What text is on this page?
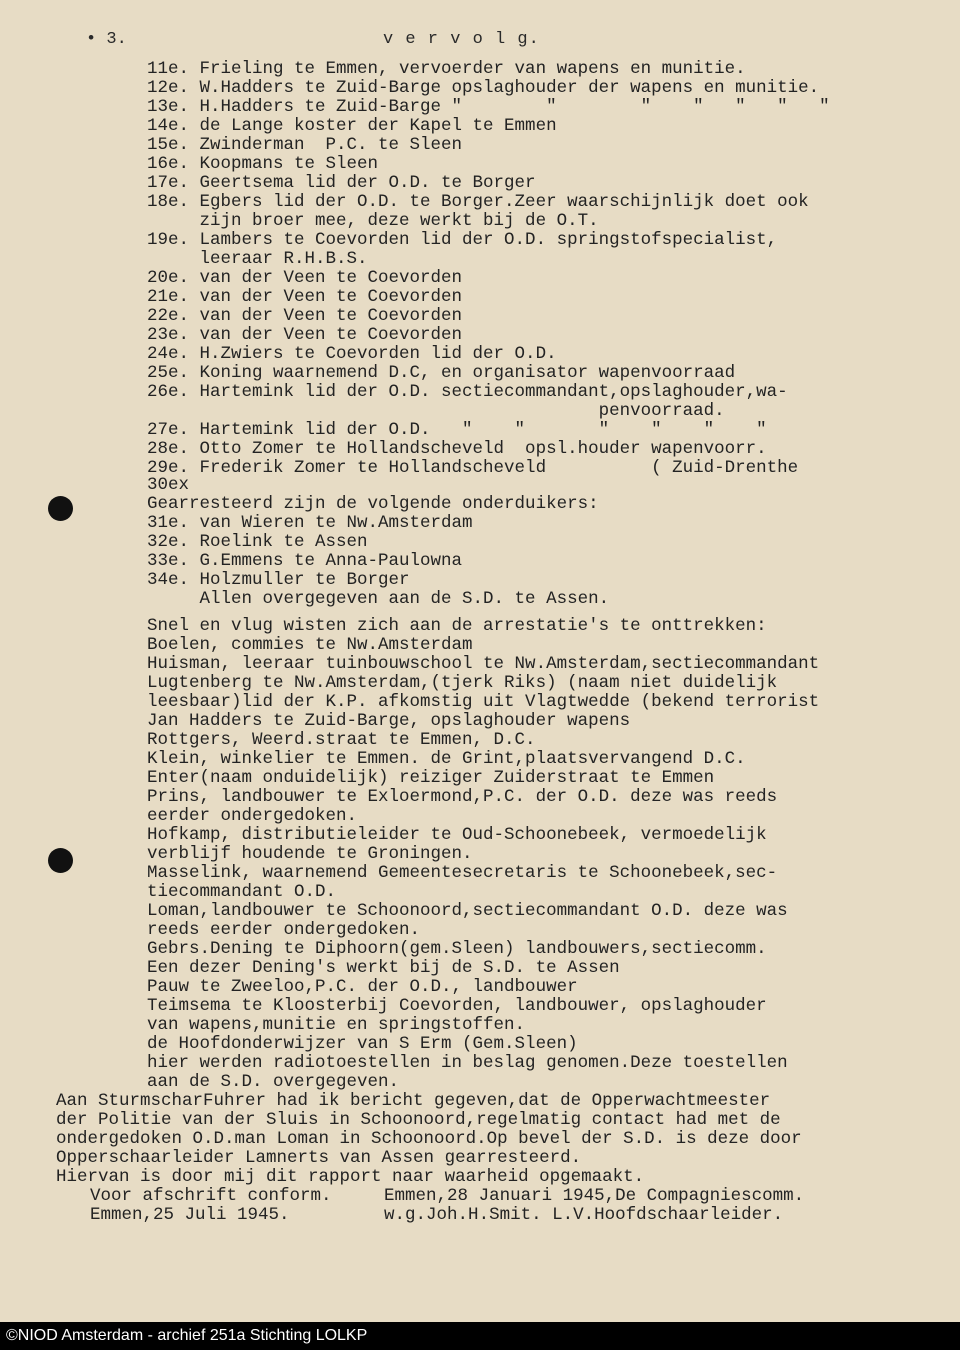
• 3.	v e r v o l g.
11e. Frieling te Emmen, vervoerder van wapens en munitie.
12e. W.Hadders te Zuid-Barge opslaghouder der wapens en munitie.
13e. H.Hadders te Zuid-Barge "        "        "    "   "   "   "
14e. de Lange koster der Kapel te Emmen
15e. Zwinderman  P.C. te Sleen
16e. Koopmans te Sleen
17e. Geertsema lid der O.D. te Borger
18e. Egbers lid der O.D. te Borger.Zeer waarschijnlijk doet ook
zijn broer mee, deze werkt bij de O.T.
19e. Lambers te Coevorden lid der O.D. springstofspecialist,
leeraar R.H.B.S.
20e. van der Veen te Coevorden
21e. van der Veen te Coevorden
22e. van der Veen te Coevorden
23e. van der Veen te Coevorden
24e. H.Zwiers te Coevorden lid der O.D.
25e. Koning waarnemend D.C, en organisator wapenvoorraad
26e. Hartemink lid der O.D. sectiecommandant,opslaghouder,wa-
penvoorraad.
27e. Hartemink lid der O.D.   "    "       "    "    "    "
28e. Otto Zomer te Hollandscheveld  opsl.houder wapenvoorr.
29e. Frederik Zomer te Hollandscheveld          ( Zuid-Drenthe
30ex
Gearresteerd zijn de volgende onderduikers:
31e. van Wieren te Nw.Amsterdam
32e. Roelink te Assen
33e. G.Emmens te Anna-Paulowna
34e. Holzmuller te Borger
Allen overgegeven aan de S.D. te Assen.
Snel en vlug wisten zich aan de arrestatie's te onttrekken:
Boelen, commies te Nw.Amsterdam
Huisman, leeraar tuinbouwschool te Nw.Amsterdam,sectiecommandant
Lugtenberg te Nw.Amsterdam,(tjerk Riks) (naam niet duidelijk
leesbaar)lid der K.P. afkomstig uit Vlagtwedde (bekend terrorist
Jan Hadders te Zuid-Barge, opslaghouder wapens
Rottgers, Weerd.straat te Emmen, D.C.
Klein, winkelier te Emmen. de Grint,plaatsvervangend D.C.
Enter(naam onduidelijk) reiziger Zuiderstraat te Emmen
Prins, landbouwer te Exloermond,P.C. der O.D. deze was reeds
eerder ondergedoken.
Hofkamp, distributieleider te Oud-Schoonebeek, vermoedelijk
verblijf houdende te Groningen.
Masselink, waarnemend Gemeentesecretaris te Schoonebeek,sec-
tiecommandant O.D.
Loman,landbouwer te Schoonoord,sectiecommandant O.D. deze was
reeds eerder ondergedoken.
Gebrs.Dening te Diphoorn(gem.Sleen) landbouwers,sectiecomm.
Een dezer Dening's werkt bij de S.D. te Assen
Pauw te Zweeloo,P.C. der O.D., landbouwer
Teimsema te Kloosterbij Coevorden, landbouwer, opslaghouder
van wapens,munitie en springstoffen.
de Hoofdonderwijzer van S Erm (Gem.Sleen)
hier werden radiotoestellen in beslag genomen.Deze toestellen
aan de S.D. overgegeven.
Aan SturmscharFuhrer had ik bericht gegeven,dat de Opperwachtmeester
der Politie van der Sluis in Schoonoord,regelmatig contact had met de
ondergedoken O.D.man Loman in Schoonoord.Op bevel der S.D. is deze door
Opperschaarleider Lamnerts van Assen gearresteerd.
Hiervan is door mij dit rapport naar waarheid opgemaakt.
Voor afschrift conform.     Emmen,28 Januari 1945,De Compagniescomm.
Emmen,25 Juli 1945.         w.g.Joh.H.Smit. L.V.Hoofdschaarleider.
©NIOD Amsterdam - archief 251a Stichting LOLKP
